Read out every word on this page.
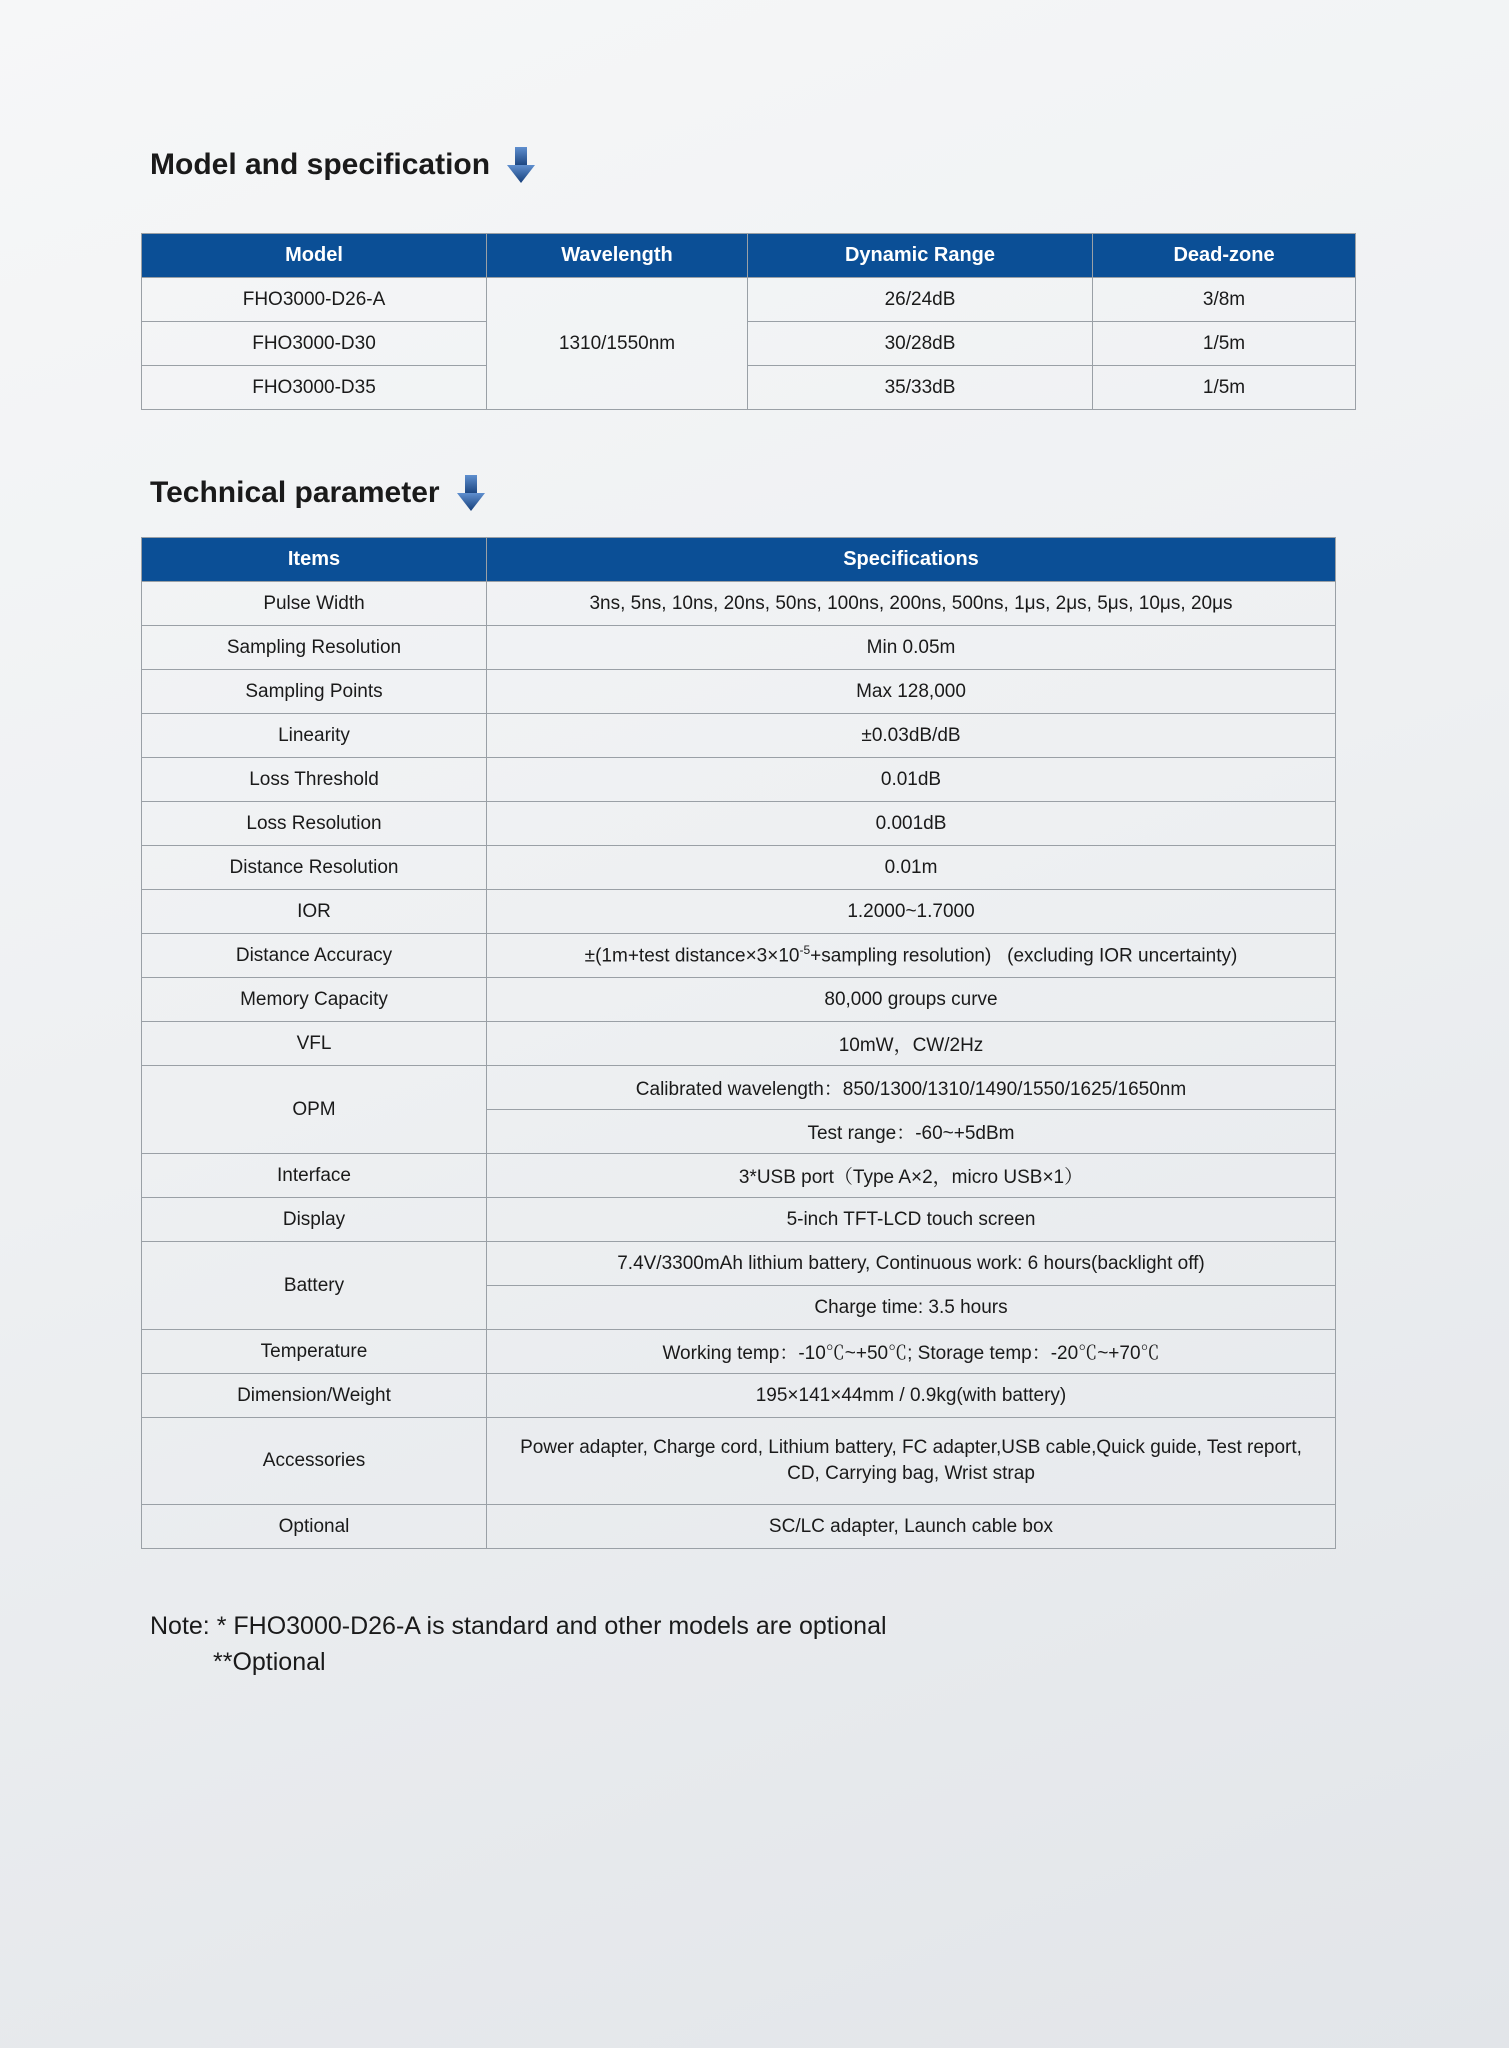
Model and specification
Model	Wavelength	Dynamic Range	Dead-zone
FHO3000-D26-A	1310/1550nm	26/24dB	3/8m
FHO3000-D30		30/28dB	1/5m
FHO3000-D35		35/33dB	1/5m
Technical parameter
Items	Specifications
Pulse Width	3ns, 5ns, 10ns, 20ns, 50ns, 100ns, 200ns, 500ns, 1μs, 2μs, 5μs, 10μs, 20μs
Sampling Resolution	Min 0.05m
Sampling Points	Max 128,000
Linearity	±0.03dB/dB
Loss Threshold	0.01dB
Loss Resolution	0.001dB
Distance Resolution	0.01m
IOR	1.2000~1.7000
Distance Accuracy	±(1m+test $distance\times 3\times 10^{-5}+sampling$ resolution)   (excluding IOR uncertainty)
Memory Capacity	80,000 groups curve
VFL	10mW，CW/2Hz
OPM	Calibrated wavelength：850/1300/1310/1490/1550/1625/1650nm
	Test range：-60~+5dBm
Interface	3*USB port（Type A×2，micro USB×1）
Display	5-inch TFT-LCD touch screen
Battery	7.4V/3300mAh lithium battery, Continuous work: 6 hours(backlight off)
	Charge time: 3.5 hours
Temperature	Working temp：-10℃~+50℃; Storage temp：-20℃~+70℃
Dimension/Weight	195×141×44mm / 0.9kg(with battery)
Accessories	Power adapter, Charge cord, Lithium battery, FC adapter,USB cable,Quick guide, Test report,
CD, Carrying bag, Wrist strap
Optional	SC/LC adapter, Launch cable box
Note: * FHO3000-D26-A is standard and other models are optional
**Optional
